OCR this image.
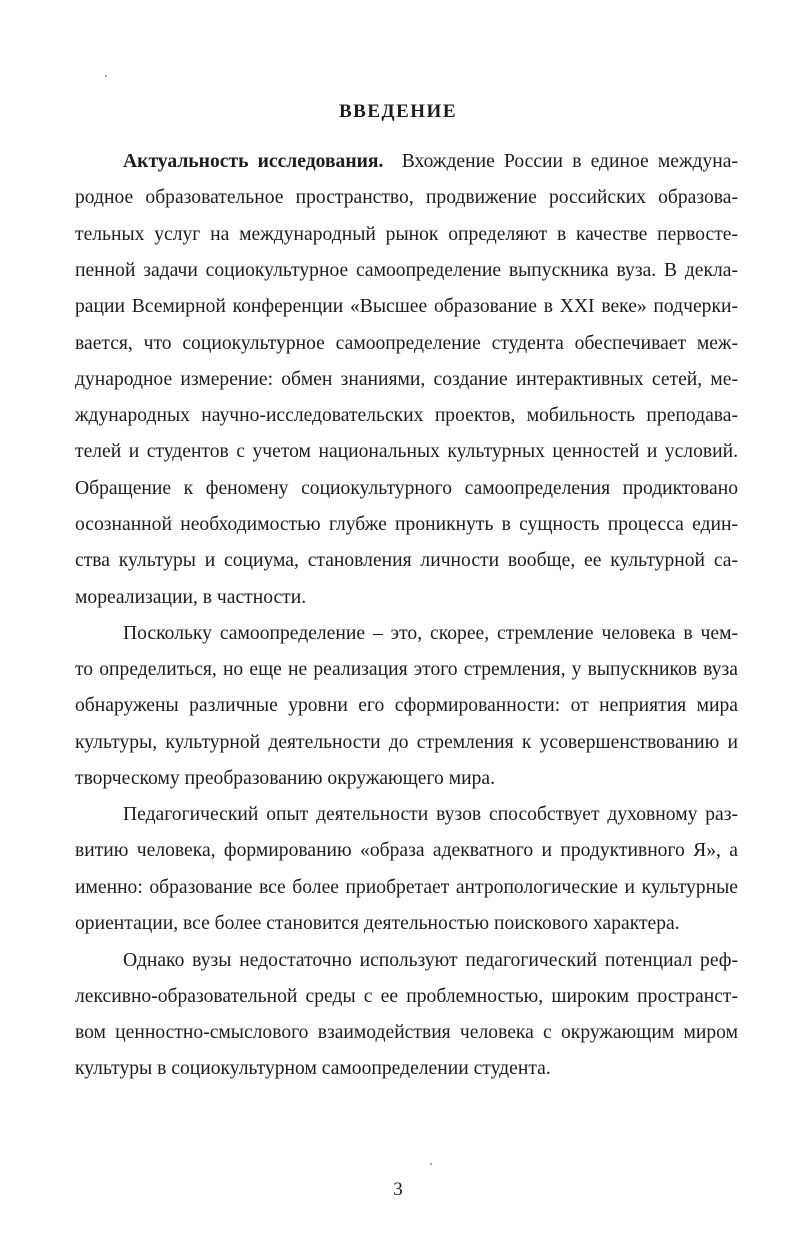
ВВЕДЕНИЕ
Актуальность исследования. Вхождение России в единое междуна-
родное образовательное пространство, продвижение российских образова-
тельных услуг на международный рынок определяют в качестве первосте-
пенной задачи социокультурное самоопределение выпускника вуза. В декла-
рации Всемирной конференции «Высшее образование в XXI веке» подчерки-
вается, что социокультурное самоопределение студента обеспечивает меж-
дународное измерение: обмен знаниями, создание интерактивных сетей, ме-
ждународных научно-исследовательских проектов, мобильность преподава-
телей и студентов с учетом национальных культурных ценностей и условий.
Обращение к феномену социокультурного самоопределения продиктовано
осознанной необходимостью глубже проникнуть в сущность процесса един-
ства культуры и социума, становления личности вообще, ее культурной са-
мореализации, в частности.
Поскольку самоопределение – это, скорее, стремление человека в чем-
то определиться, но еще не реализация этого стремления, у выпускников вуза
обнаружены различные уровни его сформированности: от неприятия мира
культуры, культурной деятельности до стремления к усовершенствованию и
творческому преобразованию окружающего мира.
Педагогический опыт деятельности вузов способствует духовному раз-
витию человека, формированию «образа адекватного и продуктивного Я», а
именно: образование все более приобретает антропологические и культурные
ориентации, все более становится деятельностью поискового характера.
Однако вузы недостаточно используют педагогический потенциал реф-
лексивно-образовательной среды с ее проблемностью, широким пространст-
вом ценностно-смыслового взаимодействия человека с окружающим миром
культуры в социокультурном самоопределении студента.
3
